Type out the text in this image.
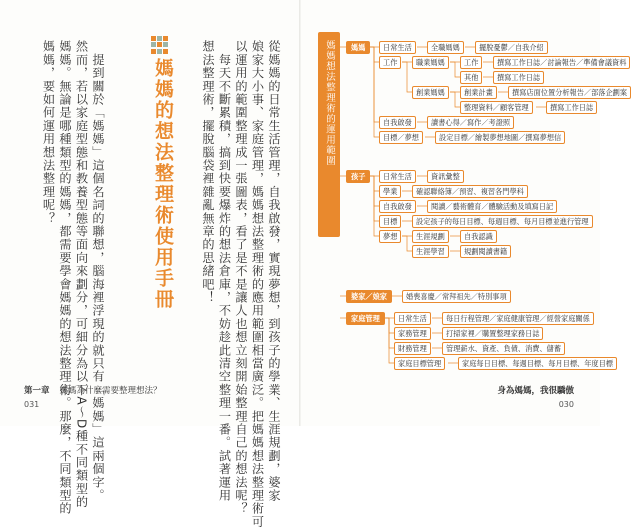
從媽媽的日常生活管理，自我啟發，實現夢想，到孩子的學業、生涯規劃，婆家
娘家大小事、家庭管理，媽媽想法整理術的應用範圍相當廣泛。把媽媽想法整理術可
以運用的範圍整理成一張圖表，看了是不是讓人也想立刻開始整理自己的想法呢？
　每天不斷累積，搞到快要爆炸的想法倉庫，不妨趁此清空整理一番。試著運用
想法整理術，擺脫腦袋裡雜亂無章的思緒吧！
媽媽的想法整理術使用手冊
　提到關於「媽媽」這個名詞的聯想，腦海裡浮現的就只有「媽媽」這兩個字。
然而，若以家庭型態和教養型態等面向來劃分，可細分為以下A～D種不同類型的
媽媽。無論是哪種類型的媽媽，都需要學會媽媽的想法整理術。那麼，不同類型的
媽媽，要如何運用想法整理呢？
第一章 媽媽為什麼需要整理想法？
031
媽媽想法整理術的運用範圍	媽媽	日常生活	全職媽媽	擺脫憂鬱／自我介紹
工作	職業媽媽	工作	撰寫工作日誌／討論報告／準備會議資料
其他	撰寫工作日誌
創業媽媽	創業計畫	撰寫店面位置分析報告／部落企劃案
整理資料／顧客管理	撰寫工作日誌
自我啟發	讀書心得／寫作／考證照
目標／夢想	設定目標／繪製夢想地圖／撰寫夢想信
孩子	日常生活	資訊彙整
學業	確認聯絡簿／預習、複習各門學科
自我啟發	閱讀／藝術體育／體驗活動及填寫日記
目標	設定孩子的每日目標、每週目標、每月目標並進行管理
夢想	生涯規劃	自我認識
生涯學習	規劃閱讀書籍
婆家／娘家	婚喪喜慶／常拜祖先／特別事項
家庭管理	日常生活	每日行程管理／家庭健康管理／經營家庭關係
家務管理	打掃家裡／購置整理家務日誌
財務管理	管理薪水、資產、負債、消費、儲蓄
家庭目標管理	家庭每日目標、每週目標、每月目標、年度目標
身為媽媽，我很驕傲
030
